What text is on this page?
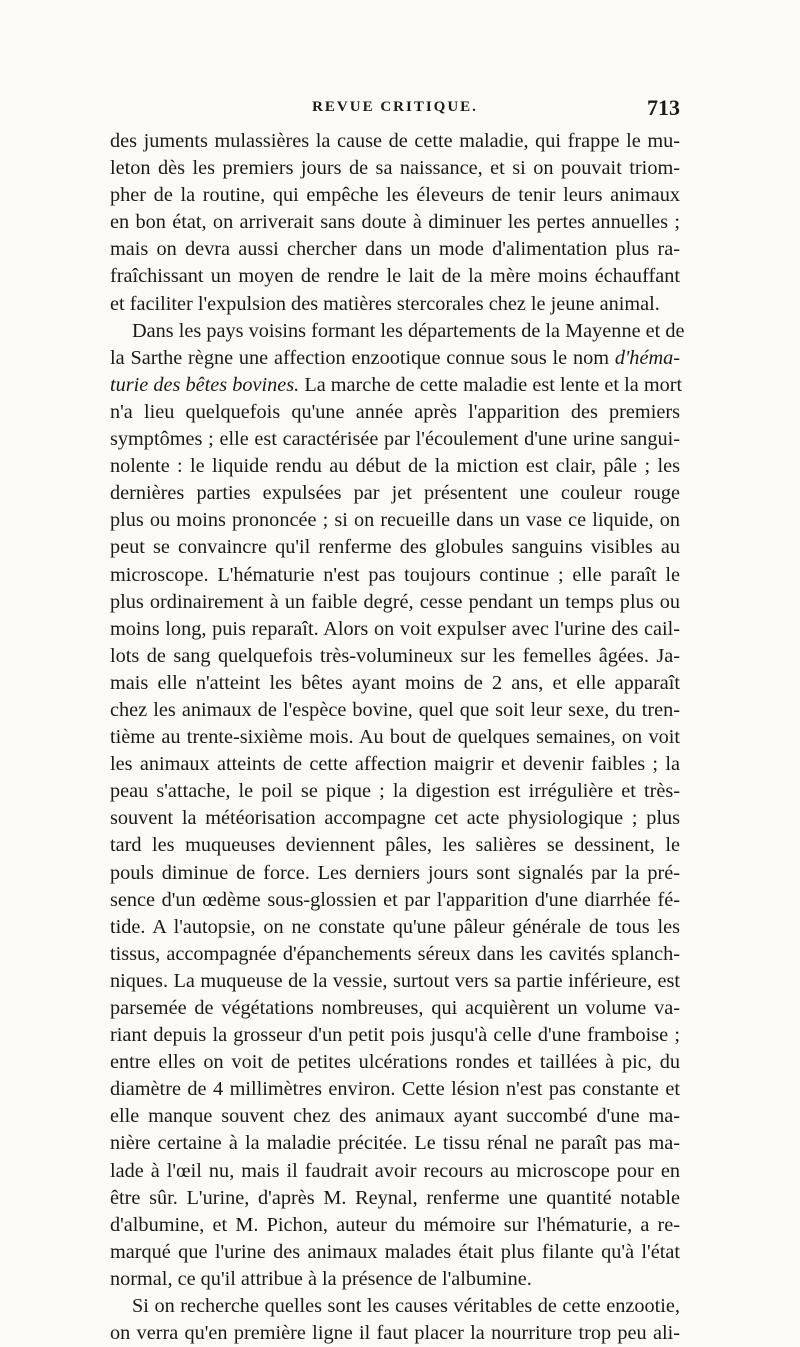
REVUE CRITIQUE.	713
des juments mulassières la cause de cette maladie, qui frappe le mu-
leton dès les premiers jours de sa naissance, et si on pouvait triom-
pher de la routine, qui empêche les éleveurs de tenir leurs animaux
en bon état, on arriverait sans doute à diminuer les pertes annuelles ;
mais on devra aussi chercher dans un mode d'alimentation plus ra-
fraîchissant un moyen de rendre le lait de la mère moins échauffant
et faciliter l'expulsion des matières stercorales chez le jeune animal.
Dans les pays voisins formant les départements de la Mayenne et de
la Sarthe règne une affection enzootique connue sous le nom d'héma-
turie des bêtes bovines. La marche de cette maladie est lente et la mort
n'a lieu quelquefois qu'une année après l'apparition des premiers
symptômes ; elle est caractérisée par l'écoulement d'une urine sangui-
nolente : le liquide rendu au début de la miction est clair, pâle ; les
dernières parties expulsées par jet présentent une couleur rouge
plus ou moins prononcée ; si on recueille dans un vase ce liquide, on
peut se convaincre qu'il renferme des globules sanguins visibles au
microscope. L'hématurie n'est pas toujours continue ; elle paraît le
plus ordinairement à un faible degré, cesse pendant un temps plus ou
moins long, puis reparaît. Alors on voit expulser avec l'urine des cail-
lots de sang quelquefois très-volumineux sur les femelles âgées. Ja-
mais elle n'atteint les bêtes ayant moins de 2 ans, et elle apparaît
chez les animaux de l'espèce bovine, quel que soit leur sexe, du tren-
tième au trente-sixième mois. Au bout de quelques semaines, on voit
les animaux atteints de cette affection maigrir et devenir faibles ; la
peau s'attache, le poil se pique ; la digestion est irrégulière et très-
souvent la météorisation accompagne cet acte physiologique ; plus
tard les muqueuses deviennent pâles, les salières se dessinent, le
pouls diminue de force. Les derniers jours sont signalés par la pré-
sence d'un œdème sous-glossien et par l'apparition d'une diarrhée fé-
tide. A l'autopsie, on ne constate qu'une pâleur générale de tous les
tissus, accompagnée d'épanchements séreux dans les cavités splanch-
niques. La muqueuse de la vessie, surtout vers sa partie inférieure, est
parsemée de végétations nombreuses, qui acquièrent un volume va-
riant depuis la grosseur d'un petit pois jusqu'à celle d'une framboise ;
entre elles on voit de petites ulcérations rondes et taillées à pic, du
diamètre de 4 millimètres environ. Cette lésion n'est pas constante et
elle manque souvent chez des animaux ayant succombé d'une ma-
nière certaine à la maladie précitée. Le tissu rénal ne paraît pas ma-
lade à l'œil nu, mais il faudrait avoir recours au microscope pour en
être sûr. L'urine, d'après M. Reynal, renferme une quantité notable
d'albumine, et M. Pichon, auteur du mémoire sur l'hématurie, a re-
marqué que l'urine des animaux malades était plus filante qu'à l'état
normal, ce qu'il attribue à la présence de l'albumine.
Si on recherche quelles sont les causes véritables de cette enzootie,
on verra qu'en première ligne il faut placer la nourriture trop peu ali-
